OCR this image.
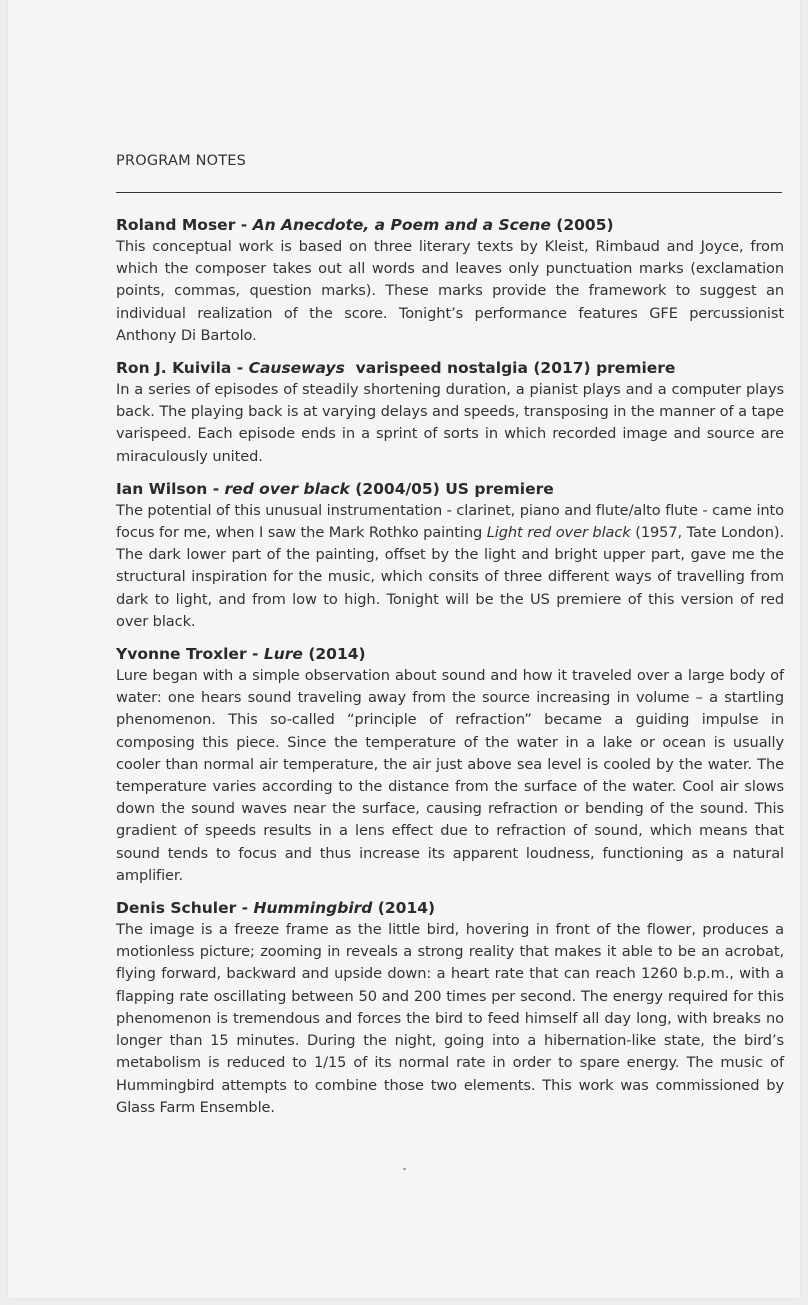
PROGRAM NOTES
Roland Moser - An Anecdote, a Poem and a Scene (2005)
This conceptual work is based on three literary texts by Kleist, Rimbaud and Joyce, from which the composer takes out all words and leaves only punctuation marks (exclamation points, commas, question marks). These marks provide the framework to suggest an individual realization of the score. Tonight’s performance features GFE percussionist Anthony Di Bartolo.
Ron J. Kuivila - Causeways varispeed nostalgia (2017) premiere
In a series of episodes of steadily shortening duration, a pianist plays and a computer plays back. The playing back is at varying delays and speeds, transposing in the manner of a tape varispeed. Each episode ends in a sprint of sorts in which recorded image and source are miraculously united.
Ian Wilson - red over black (2004/05) US premiere
The potential of this unusual instrumentation - clarinet, piano and flute/alto flute - came into focus for me, when I saw the Mark Rothko painting Light red over black (1957, Tate London). The dark lower part of the painting, offset by the light and bright upper part, gave me the structural inspiration for the music, which consits of three different ways of travelling from dark to light, and from low to high. Tonight will be the US premiere of this version of red over black.
Yvonne Troxler - Lure (2014)
Lure began with a simple observation about sound and how it traveled over a large body of water: one hears sound traveling away from the source increasing in volume – a startling phenomenon. This so-called “principle of refraction” became a guiding impulse in composing this piece. Since the temperature of the water in a lake or ocean is usually cooler than normal air temperature, the air just above sea level is cooled by the water. The temperature varies according to the distance from the surface of the water. Cool air slows down the sound waves near the surface, causing refraction or bending of the sound. This gradient of speeds results in a lens effect due to refraction of sound, which means that sound tends to focus and thus increase its apparent loudness, functioning as a natural amplifier.
Denis Schuler - Hummingbird (2014)
The image is a freeze frame as the little bird, hovering in front of the flower, produces a motionless picture; zooming in reveals a strong reality that makes it able to be an acrobat, flying forward, backward and upside down: a heart rate that can reach 1260 b.p.m., with a flapping rate oscillating between 50 and 200 times per second. The energy required for this phenomenon is tremendous and forces the bird to feed himself all day long, with breaks no longer than 15 minutes. During the night, going into a hibernation-like state, the bird’s metabolism is reduced to 1/15 of its normal rate in order to spare energy. The music of Hummingbird attempts to combine those two elements. This work was commissioned by Glass Farm Ensemble.
